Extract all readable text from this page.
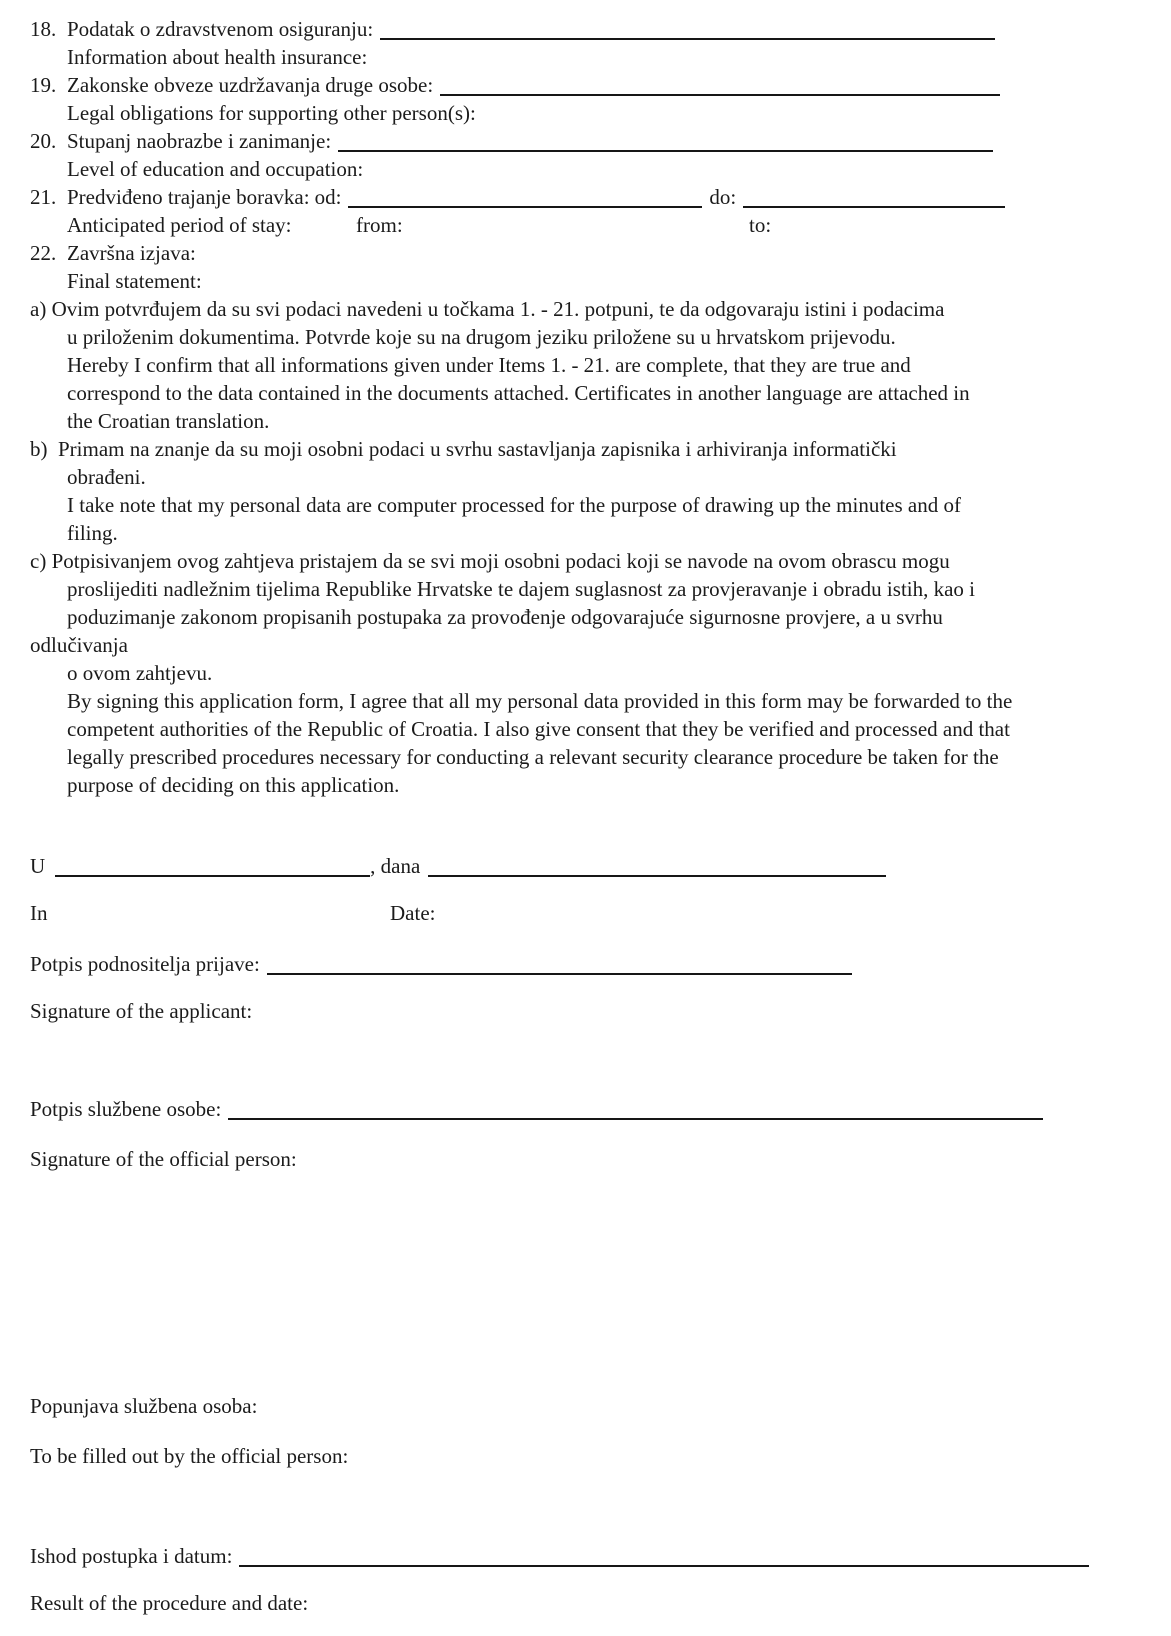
18. Podatak o zdravstvenom osiguranju:
Information about health insurance:
19. Zakonske obveze uzdržavanja druge osobe:
Legal obligations for supporting other person(s):
20. Stupanj naobrazbe i zanimanje:
Level of education and occupation:
21. Predviđeno trajanje boravka: od:	do:
Anticipated period of stay:	from:	to:
22. Završna izjava:
Final statement:
a) Ovim potvrđujem da su svi podaci navedeni u točkama 1. - 21. potpuni, te da odgovaraju istini i podacima
u priloženim dokumentima. Potvrde koje su na drugom jeziku priložene su u hrvatskom prijevodu.
Hereby I confirm that all informations given under Items 1. - 21. are complete, that they are true and
correspond to the data contained in the documents attached. Certificates in another language are attached in
the Croatian translation.
b)  Primam na znanje da su moji osobni podaci u svrhu sastavljanja zapisnika i arhiviranja informatički
obrađeni.
I take note that my personal data are computer processed for the purpose of drawing up the minutes and of
filing.
c) Potpisivanjem ovog zahtjeva pristajem da se svi moji osobni podaci koji se navode na ovom obrascu mogu
proslijediti nadležnim tijelima Republike Hrvatske te dajem suglasnost za provjeravanje i obradu istih, kao i
poduzimanje zakonom propisanih postupaka za provođenje odgovarajuće sigurnosne provjere, a u svrhu
odlučivanja
o ovom zahtjevu.
By signing this application form, I agree that all my personal data provided in this form may be forwarded to the
competent authorities of the Republic of Croatia. I also give consent that they be verified and processed and that
legally prescribed procedures necessary for conducting a relevant security clearance procedure be taken for the
purpose of deciding on this application.
U	, dana
In	Date:
Potpis podnositelja prijave:
Signature of the applicant:
Potpis službene osobe:
Signature of the official person:
Popunjava službena osoba:
To be filled out by the official person:
Ishod postupka i datum:
Result of the procedure and date:
